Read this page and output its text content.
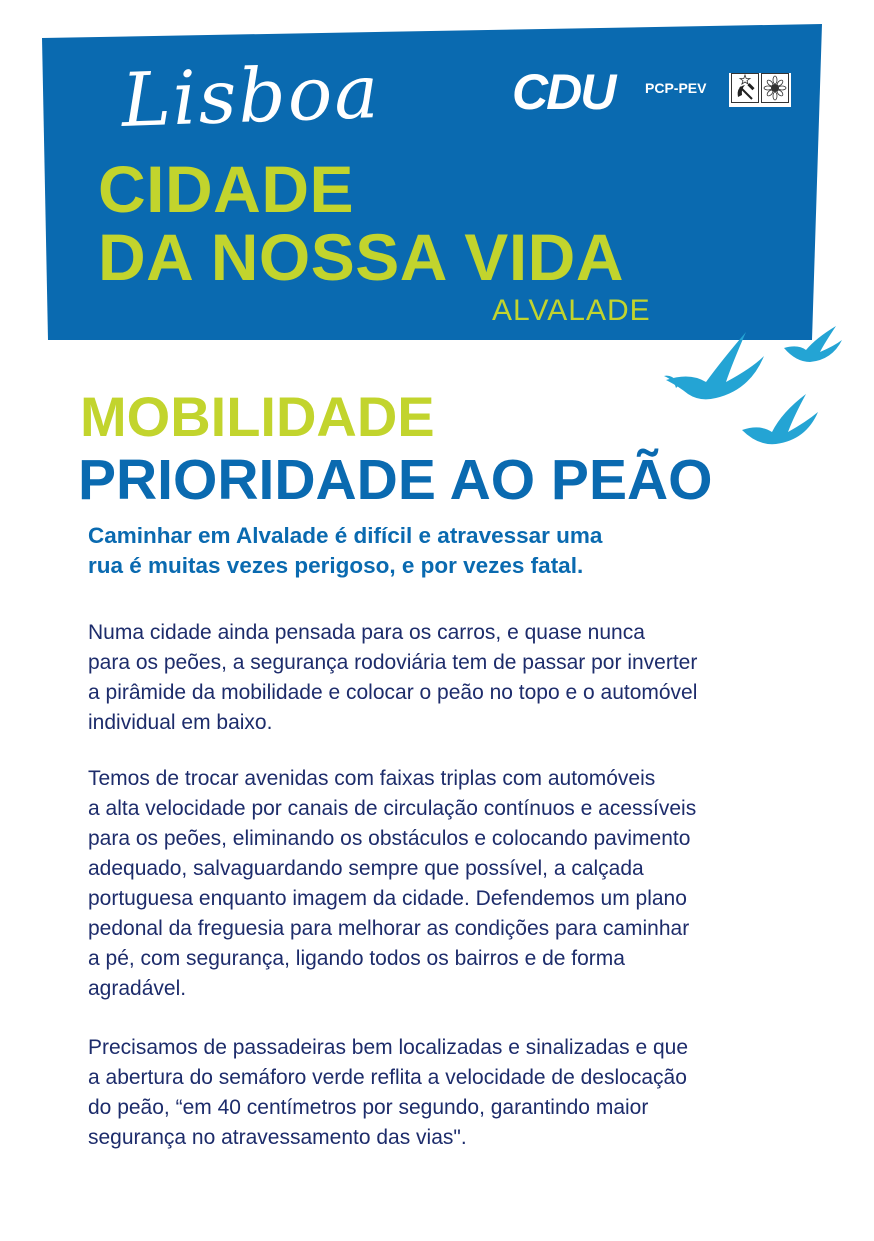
Lisboa	CDU PCP-PEV
CIDADE
DA NOSSA VIDA
ALVALADE
MOBILIDADE
PRIORIDADE AO PEÃO
Caminhar em Alvalade é difícil e atravessar uma
rua é muitas vezes perigoso, e por vezes fatal.
Numa cidade ainda pensada para os carros, e quase nunca
para os peões, a segurança rodoviária tem de passar por inverter
a pirâmide da mobilidade e colocar o peão no topo e o automóvel
individual em baixo.
Temos de trocar avenidas com faixas triplas com automóveis
a alta velocidade por canais de circulação contínuos e acessíveis
para os peões, eliminando os obstáculos e colocando pavimento
adequado, salvaguardando sempre que possível, a calçada
portuguesa enquanto imagem da cidade. Defendemos um plano
pedonal da freguesia para melhorar as condições para caminhar
a pé, com segurança, ligando todos os bairros e de forma
agradável.
Precisamos de passadeiras bem localizadas e sinalizadas e que
a abertura do semáforo verde reflita a velocidade de deslocação
do peão, “em 40 centímetros por segundo, garantindo maior
segurança no atravessamento das vias".
